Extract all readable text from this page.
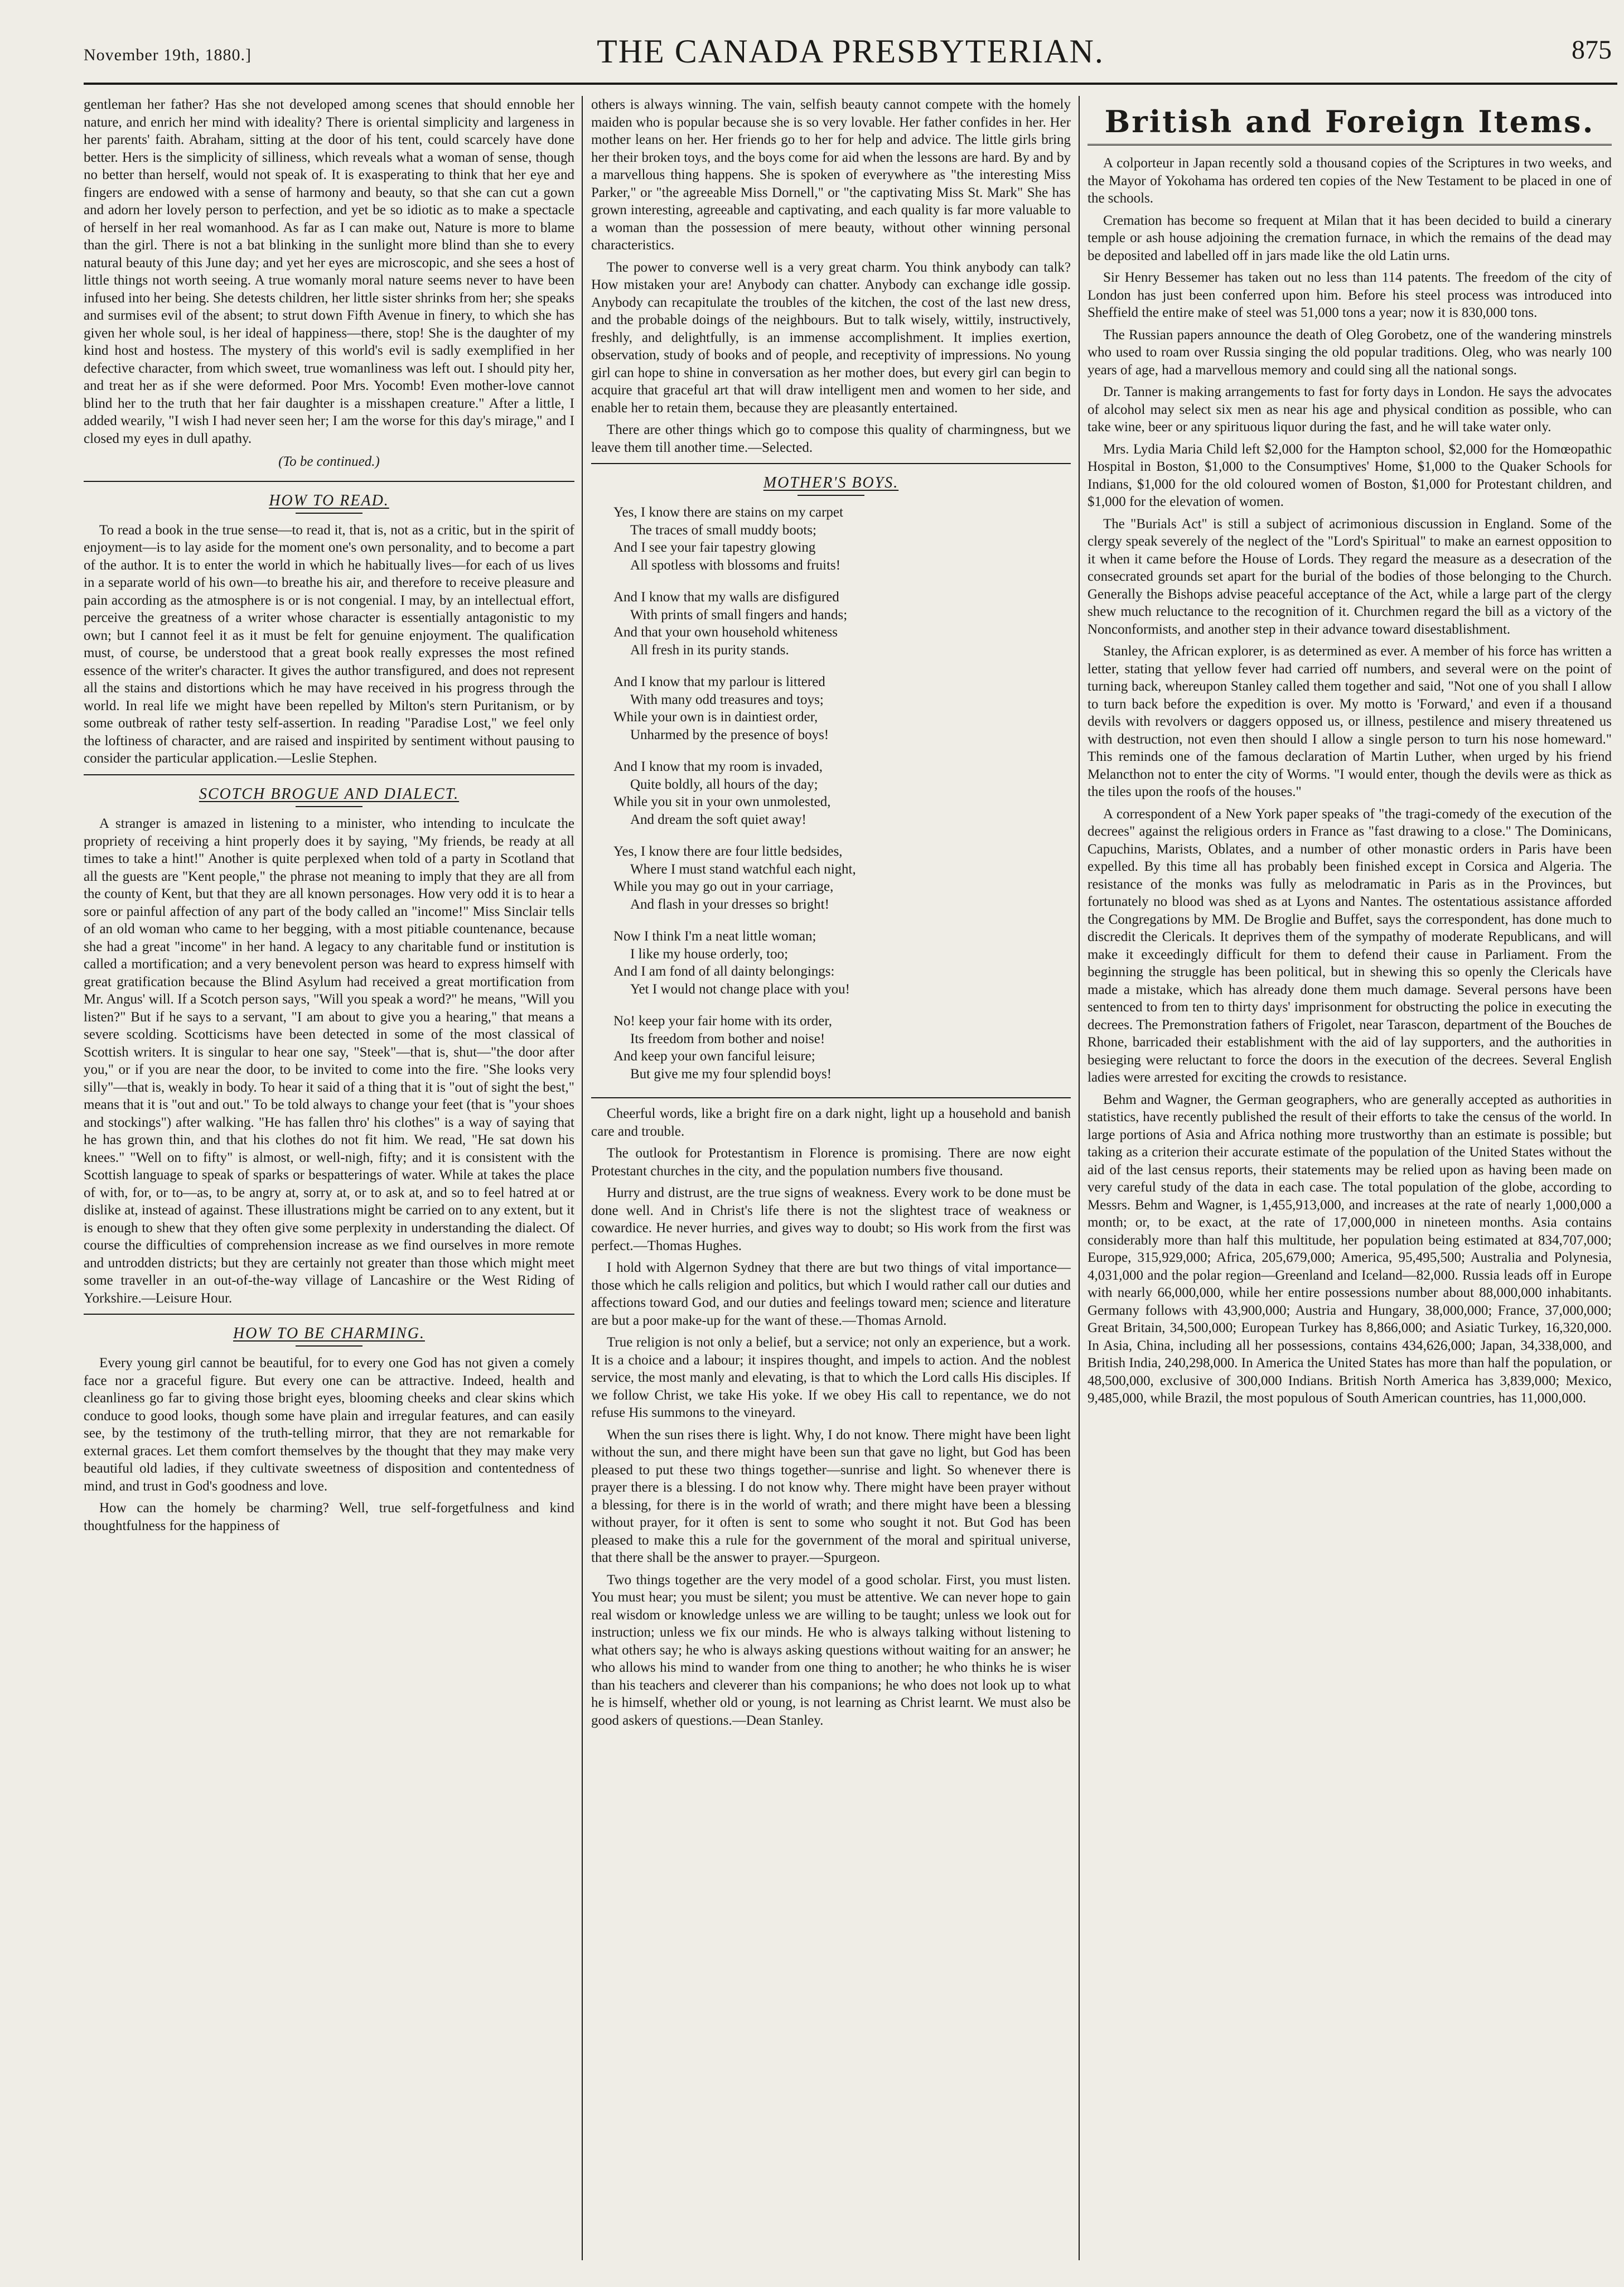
November 19th, 1880.]	THE CANADA PRESBYTERIAN.	875

gentleman her father? Has she not developed among scenes that should ennoble her nature, and enrich her mind with ideality? There is oriental simplicity and largeness in her parents' faith. Abraham, sitting at the door of his tent, could scarcely have done better. Hers is the simplicity of silliness, which reveals what a woman of sense, though no better than herself, would not speak of. It is exasperating to think that her eye and fingers are endowed with a sense of harmony and beauty, so that she can cut a gown and adorn her lovely person to perfection, and yet be so idiotic as to make a spectacle of herself in her real womanhood. As far as I can make out, Nature is more to blame than the girl. There is not a bat blinking in the sunlight more blind than she to every natural beauty of this June day; and yet her eyes are microscopic, and she sees a host of little things not worth seeing. A true womanly moral nature seems never to have been infused into her being. She detests children, her little sister shrinks from her; she speaks and surmises evil of the absent; to strut down Fifth Avenue in finery, to which she has given her whole soul, is her ideal of happiness—there, stop! She is the daughter of my kind host and hostess. The mystery of this world's evil is sadly exemplified in her defective character, from which sweet, true womanliness was left out. I should pity her, and treat her as if she were deformed. Poor Mrs. Yocomb! Even mother-love cannot blind her to the truth that her fair daughter is a misshapen creature." After a little, I added wearily, "I wish I had never seen her; I am the worse for this day's mirage," and I closed my eyes in dull apathy.

(To be continued.)
HOW TO READ.

To read a book in the true sense—to read it, that is, not as a critic, but in the spirit of enjoyment—is to lay aside for the moment one's own personality, and to become a part of the author. It is to enter the world in which he habitually lives—for each of us lives in a separate world of his own—to breathe his air, and therefore to receive pleasure and pain according as the atmosphere is or is not congenial. I may, by an intellectual effort, perceive the greatness of a writer whose character is essentially antagonistic to my own; but I cannot feel it as it must be felt for genuine enjoyment. The qualification must, of course, be understood that a great book really expresses the most refined essence of the writer's character. It gives the author transfigured, and does not represent all the stains and distortions which he may have received in his progress through the world. In real life we might have been repelled by Milton's stern Puritanism, or by some outbreak of rather testy self-assertion. In reading "Paradise Lost," we feel only the loftiness of character, and are raised and inspirited by sentiment without pausing to consider the particular application.—Leslie Stephen.

SCOTCH BROGUE AND DIALECT.

A stranger is amazed in listening to a minister, who intending to inculcate the propriety of receiving a hint properly does it by saying, "My friends, be ready at all times to take a hint!" Another is quite perplexed when told of a party in Scotland that all the guests are "Kent people," the phrase not meaning to imply that they are all from the county of Kent, but that they are all known personages. How very odd it is to hear a sore or painful affection of any part of the body called an "income!" Miss Sinclair tells of an old woman who came to her begging, with a most pitiable countenance, because she had a great "income" in her hand. A legacy to any charitable fund or institution is called a mortification; and a very benevolent person was heard to express himself with great gratification because the Blind Asylum had received a great mortification from Mr. Angus' will. If a Scotch person says, "Will you speak a word?" he means, "Will you listen?" But if he says to a servant, "I am about to give you a hearing," that means a severe scolding. Scotticisms have been detected in some of the most classical of Scottish writers. It is singular to hear one say, "Steek"—that is, shut—"the door after you," or if you are near the door, to be invited to come into the fire. "She looks very silly"—that is, weakly in body. To hear it said of a thing that it is "out of sight the best," means that it is "out and out." To be told always to change your feet (that is "your shoes and stockings") after walking. "He has fallen thro' his clothes" is a way of saying that he has grown thin, and that his clothes do not fit him. We read, "He sat down his knees." "Well on to fifty" is almost, or well-nigh, fifty; and it is consistent with the Scottish language to speak of sparks or bespatterings of water. While at takes the place of with, for, or to—as, to be angry at, sorry at, or to ask at, and so to feel hatred at or dislike at, instead of against. These illustrations might be carried on to any extent, but it is enough to shew that they often give some perplexity in understanding the dialect. Of course the difficulties of comprehension increase as we find ourselves in more remote and untrodden districts; but they are certainly not greater than those which might meet some traveller in an out-of-the-way village of Lancashire or the West Riding of Yorkshire.—Leisure Hour.

HOW TO BE CHARMING.

Every young girl cannot be beautiful, for to every one God has not given a comely face nor a graceful figure. But every one can be attractive. Indeed, health and cleanliness go far to giving those bright eyes, blooming cheeks and clear skins which conduce to good looks, though some have plain and irregular features, and can easily see, by the testimony of the truth-telling mirror, that they are not remarkable for external graces. Let them comfort themselves by the thought that they may make very beautiful old ladies, if they cultivate sweetness of disposition and contentedness of mind, and trust in God's goodness and love.

How can the homely be charming? Well, true self-forgetfulness and kind thoughtfulness for the happiness of

others is always winning. The vain, selfish beauty cannot compete with the homely maiden who is popular because she is so very lovable. Her father confides in her. Her mother leans on her. Her friends go to her for help and advice. The little girls bring her their broken toys, and the boys come for aid when the lessons are hard. By and by a marvellous thing happens. She is spoken of everywhere as "the interesting Miss Parker," or "the agreeable Miss Dornell," or "the captivating Miss St. Mark" She has grown interesting, agreeable and captivating, and each quality is far more valuable to a woman than the possession of mere beauty, without other winning personal characteristics.

The power to converse well is a very great charm. You think anybody can talk? How mistaken your are! Anybody can chatter. Anybody can exchange idle gossip. Anybody can recapitulate the troubles of the kitchen, the cost of the last new dress, and the probable doings of the neighbours. But to talk wisely, wittily, instructively, freshly, and delightfully, is an immense accomplishment. It implies exertion, observation, study of books and of people, and receptivity of impressions. No young girl can hope to shine in conversation as her mother does, but every girl can begin to acquire that graceful art that will draw intelligent men and women to her side, and enable her to retain them, because they are pleasantly entertained.

There are other things which go to compose this quality of charmingness, but we leave them till another time.—Selected.

MOTHER'S BOYS.
Yes, I know there are stains on my carpet
The traces of small muddy boots;
And I see your fair tapestry glowing
All spotless with blossoms and fruits!
And I know that my walls are disfigured
With prints of small fingers and hands;
And that your own household whiteness
All fresh in its purity stands.
And I know that my parlour is littered
With many odd treasures and toys;
While your own is in daintiest order,
Unharmed by the presence of boys!
And I know that my room is invaded,
Quite boldly, all hours of the day;
While you sit in your own unmolested,
And dream the soft quiet away!
Yes, I know there are four little bedsides,
Where I must stand watchful each night,
While you may go out in your carriage,
And flash in your dresses so bright!
Now I think I'm a neat little woman;
I like my house orderly, too;
And I am fond of all dainty belongings:
Yet I would not change place with you!
No! keep your fair home with its order,
Its freedom from bother and noise!
And keep your own fanciful leisure;
But give me my four splendid boys!

Cheerful words, like a bright fire on a dark night, light up a household and banish care and trouble.

The outlook for Protestantism in Florence is promising. There are now eight Protestant churches in the city, and the population numbers five thousand.

Hurry and distrust, are the true signs of weakness. Every work to be done must be done well. And in Christ's life there is not the slightest trace of weakness or cowardice. He never hurries, and gives way to doubt; so His work from the first was perfect.—Thomas Hughes.

I hold with Algernon Sydney that there are but two things of vital importance—those which he calls religion and politics, but which I would rather call our duties and affections toward God, and our duties and feelings toward men; science and literature are but a poor make-up for the want of these.—Thomas Arnold.

True religion is not only a belief, but a service; not only an experience, but a work. It is a choice and a labour; it inspires thought, and impels to action. And the noblest service, the most manly and elevating, is that to which the Lord calls His disciples. If we follow Christ, we take His yoke. If we obey His call to repentance, we do not refuse His summons to the vineyard.

When the sun rises there is light. Why, I do not know. There might have been light without the sun, and there might have been sun that gave no light, but God has been pleased to put these two things together—sunrise and light. So whenever there is prayer there is a blessing. I do not know why. There might have been prayer without a blessing, for there is in the world of wrath; and there might have been a blessing without prayer, for it often is sent to some who sought it not. But God has been pleased to make this a rule for the government of the moral and spiritual universe, that there shall be the answer to prayer.—Spurgeon.

Two things together are the very model of a good scholar. First, you must listen. You must hear; you must be silent; you must be attentive. We can never hope to gain real wisdom or knowledge unless we are willing to be taught; unless we look out for instruction; unless we fix our minds. He who is always talking without listening to what others say; he who is always asking questions without waiting for an answer; he who allows his mind to wander from one thing to another; he who thinks he is wiser than his teachers and cleverer than his companions; he who does not look up to what he is himself, whether old or young, is not learning as Christ learnt. We must also be good askers of questions.—Dean Stanley.

British and Foreign Items.

A colporteur in Japan recently sold a thousand copies of the Scriptures in two weeks, and the Mayor of Yokohama has ordered ten copies of the New Testament to be placed in one of the schools.

Cremation has become so frequent at Milan that it has been decided to build a cinerary temple or ash house adjoining the cremation furnace, in which the remains of the dead may be deposited and labelled off in jars made like the old Latin urns.

Sir Henry Bessemer has taken out no less than 114 patents. The freedom of the city of London has just been conferred upon him. Before his steel process was introduced into Sheffield the entire make of steel was 51,000 tons a year; now it is 830,000 tons.

The Russian papers announce the death of Oleg Gorobetz, one of the wandering minstrels who used to roam over Russia singing the old popular traditions. Oleg, who was nearly 100 years of age, had a marvellous memory and could sing all the national songs.

Dr. Tanner is making arrangements to fast for forty days in London. He says the advocates of alcohol may select six men as near his age and physical condition as possible, who can take wine, beer or any spirituous liquor during the fast, and he will take water only.

Mrs. Lydia Maria Child left $2,000 for the Hampton school, $2,000 for the Homœopathic Hospital in Boston, $1,000 to the Consumptives' Home, $1,000 to the Quaker Schools for Indians, $1,000 for the old coloured women of Boston, $1,000 for Protestant children, and $1,000 for the elevation of women.

The "Burials Act" is still a subject of acrimonious discussion in England. Some of the clergy speak severely of the neglect of the "Lord's Spiritual" to make an earnest opposition to it when it came before the House of Lords. They regard the measure as a desecration of the consecrated grounds set apart for the burial of the bodies of those belonging to the Church. Generally the Bishops advise peaceful acceptance of the Act, while a large part of the clergy shew much reluctance to the recognition of it. Churchmen regard the bill as a victory of the Nonconformists, and another step in their advance toward disestablishment.

Stanley, the African explorer, is as determined as ever. A member of his force has written a letter, stating that yellow fever had carried off numbers, and several were on the point of turning back, whereupon Stanley called them together and said, "Not one of you shall I allow to turn back before the expedition is over. My motto is 'Forward,' and even if a thousand devils with revolvers or daggers opposed us, or illness, pestilence and misery threatened us with destruction, not even then should I allow a single person to turn his nose homeward." This reminds one of the famous declaration of Martin Luther, when urged by his friend Melancthon not to enter the city of Worms. "I would enter, though the devils were as thick as the tiles upon the roofs of the houses."

A correspondent of a New York paper speaks of "the tragi-comedy of the execution of the decrees" against the religious orders in France as "fast drawing to a close." The Dominicans, Capuchins, Marists, Oblates, and a number of other monastic orders in Paris have been expelled. By this time all has probably been finished except in Corsica and Algeria. The resistance of the monks was fully as melodramatic in Paris as in the Provinces, but fortunately no blood was shed as at Lyons and Nantes. The ostentatious assistance afforded the Congregations by MM. De Broglie and Buffet, says the correspondent, has done much to discredit the Clericals. It deprives them of the sympathy of moderate Republicans, and will make it exceedingly difficult for them to defend their cause in Parliament. From the beginning the struggle has been political, but in shewing this so openly the Clericals have made a mistake, which has already done them much damage. Several persons have been sentenced to from ten to thirty days' imprisonment for obstructing the police in executing the decrees. The Premonstration fathers of Frigolet, near Tarascon, department of the Bouches de Rhone, barricaded their establishment with the aid of lay supporters, and the authorities in besieging were reluctant to force the doors in the execution of the decrees. Several English ladies were arrested for exciting the crowds to resistance.

Behm and Wagner, the German geographers, who are generally accepted as authorities in statistics, have recently published the result of their efforts to take the census of the world. In large portions of Asia and Africa nothing more trustworthy than an estimate is possible; but taking as a criterion their accurate estimate of the population of the United States without the aid of the last census reports, their statements may be relied upon as having been made on very careful study of the data in each case. The total population of the globe, according to Messrs. Behm and Wagner, is 1,455,913,000, and increases at the rate of nearly 1,000,000 a month; or, to be exact, at the rate of 17,000,000 in nineteen months. Asia contains considerably more than half this multitude, her population being estimated at 834,707,000; Europe, 315,929,000; Africa, 205,679,000; America, 95,495,500; Australia and Polynesia, 4,031,000 and the polar region—Greenland and Iceland—82,000. Russia leads off in Europe with nearly 66,000,000, while her entire possessions number about 88,000,000 inhabitants. Germany follows with 43,900,000; Austria and Hungary, 38,000,000; France, 37,000,000; Great Britain, 34,500,000; European Turkey has 8,866,000; and Asiatic Turkey, 16,320,000. In Asia, China, including all her possessions, contains 434,626,000; Japan, 34,338,000, and British India, 240,298,000. In America the United States has more than half the population, or 48,500,000, exclusive of 300,000 Indians. British North America has 3,839,000; Mexico, 9,485,000, while Brazil, the most populous of South American countries, has 11,000,000.
